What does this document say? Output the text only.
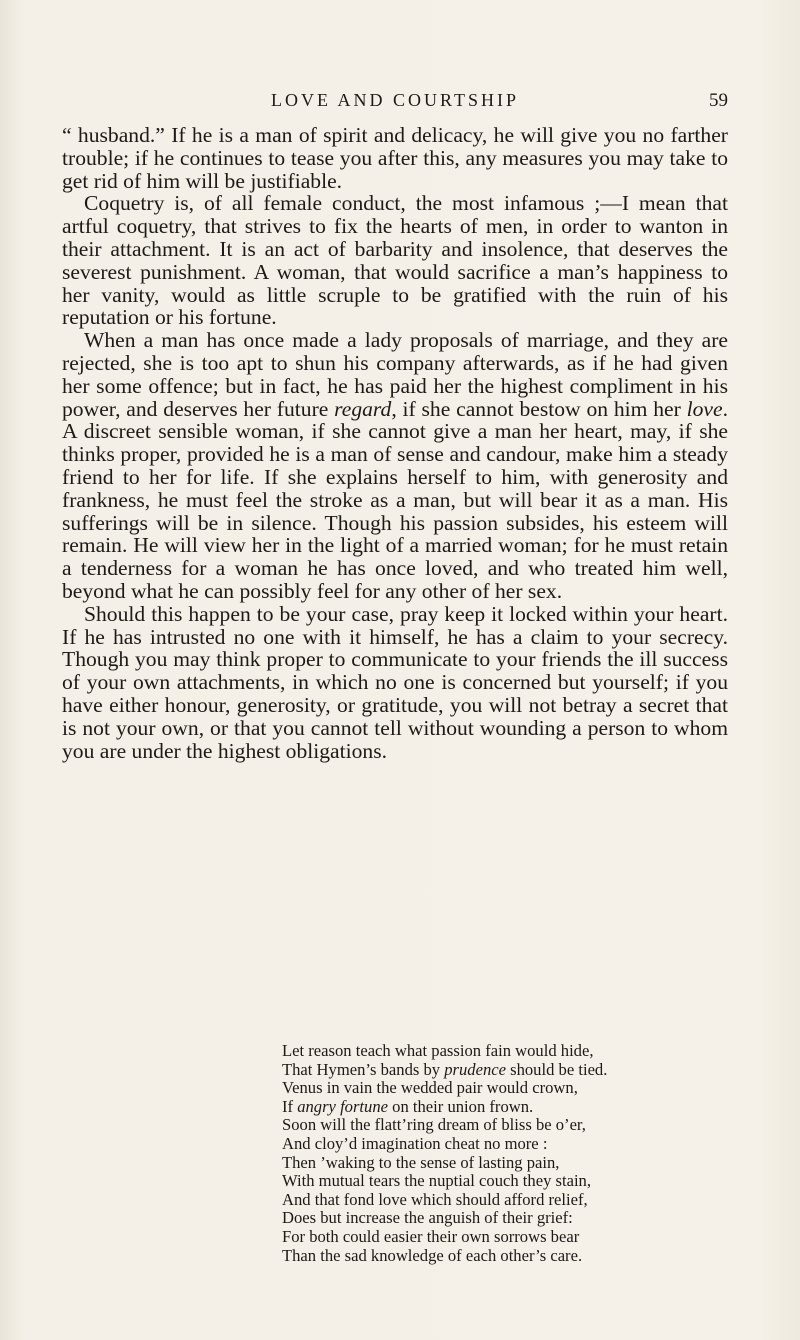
LOVE AND COURTSHIP	59

“ husband.” If he is a man of spirit and delicacy, he will give you no farther trouble; if he continues to tease you after this, any measures you may take to get rid of him will be justifiable.

Coquetry is, of all female conduct, the most infamous ;—I mean that artful coquetry, that strives to fix the hearts of men, in order to wanton in their attachment. It is an act of barbarity and insolence, that deserves the severest punishment. A woman, that would sacrifice a man’s happiness to her vanity, would as little scruple to be gratified with the ruin of his reputation or his fortune.

When a man has once made a lady proposals of marriage, and they are rejected, she is too apt to shun his company afterwards, as if he had given her some offence; but in fact, he has paid her the highest compliment in his power, and deserves her future regard, if she cannot bestow on him her love. A discreet sensible woman, if she cannot give a man her heart, may, if she thinks proper, provided he is a man of sense and candour, make him a steady friend to her for life. If she explains herself to him, with generosity and frankness, he must feel the stroke as a man, but will bear it as a man. His sufferings will be in silence. Though his passion subsides, his esteem will remain. He will view her in the light of a married woman; for he must retain a tenderness for a woman he has once loved, and who treated him well, beyond what he can possibly feel for any other of her sex.

Should this happen to be your case, pray keep it locked within your heart. If he has intrusted no one with it himself, he has a claim to your secrecy. Though you may think proper to communicate to your friends the ill success of your own attachments, in which no one is concerned but yourself; if you have either honour, generosity, or gratitude, you will not betray a secret that is not your own, or that you cannot tell without wounding a person to whom you are under the highest obligations.

Let reason teach what passion fain would hide,
That Hymen’s bands by prudence should be tied.
Venus in vain the wedded pair would crown,
If angry fortune on their union frown.
Soon will the flatt’ring dream of bliss be o’er,
And cloy’d imagination cheat no more :
Then ’waking to the sense of lasting pain,
With mutual tears the nuptial couch they stain,
And that fond love which should afford relief,
Does but increase the anguish of their grief:
For both could easier their own sorrows bear
Than the sad knowledge of each other’s care.
